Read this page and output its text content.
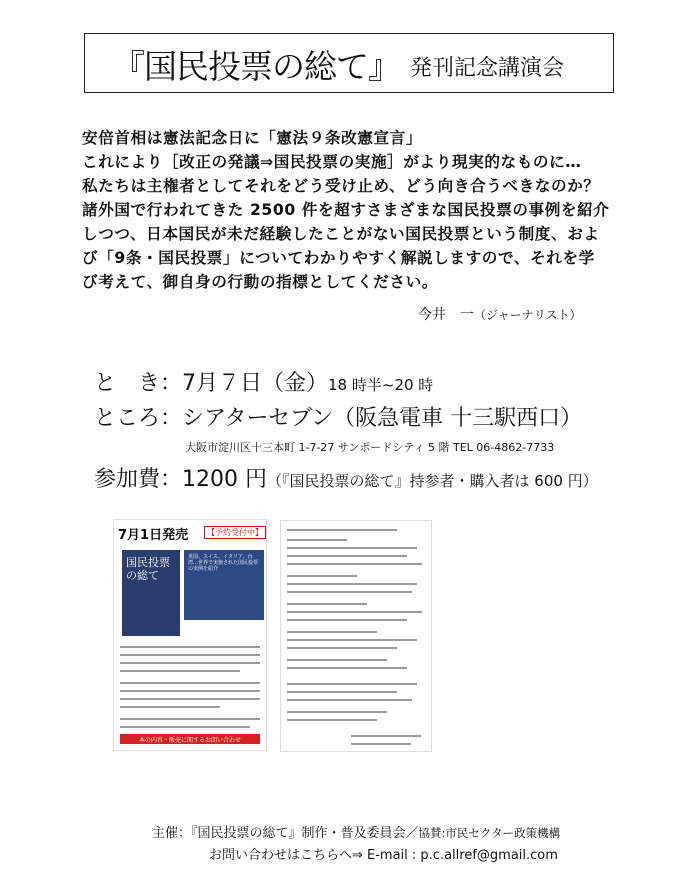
『国民投票の総て』 発刊記念講演会
安倍首相は憲法記念日に「憲法９条改憲宣言」
これにより［改正の発議⇒国民投票の実施］がより現実的なものに…
私たちは主権者としてそれをどう受け止め、どう向き合うべきなのか？
諸外国で行われてきた 2500 件を超すさまざまな国民投票の事例を紹介
しつつ、日本国民が未だ経験したことがない国民投票という制度、およ
び「9条・国民投票」についてわかりやすく解説しますので、それを学
び考えて、御自身の行動の指標としてください。
今井　一（ジャーナリスト）
と　き：7月７日（金）18 時半~20 時
ところ：シアターセブン（阪急電車 十三駅西口）
大阪市淀川区十三本町 1-7-27 サンポードシティ 5 階 TEL 06-4862-7733
参加費：1200 円（『国民投票の総て』持参者・購入者は 600 円）
7月1日発売	【予約受付中】
国民投票の総て
英国、スイス、イタリア、台湾…世界で実施された国民投票の実例を紹介
本の内容・販売に関するお問い合わせ
主催：『国民投票の総て』制作・普及委員会／協賛:市民セクター政策機構
お問い合わせはこちらへ⇒ E-mail : p.c.allref@gmail.com
